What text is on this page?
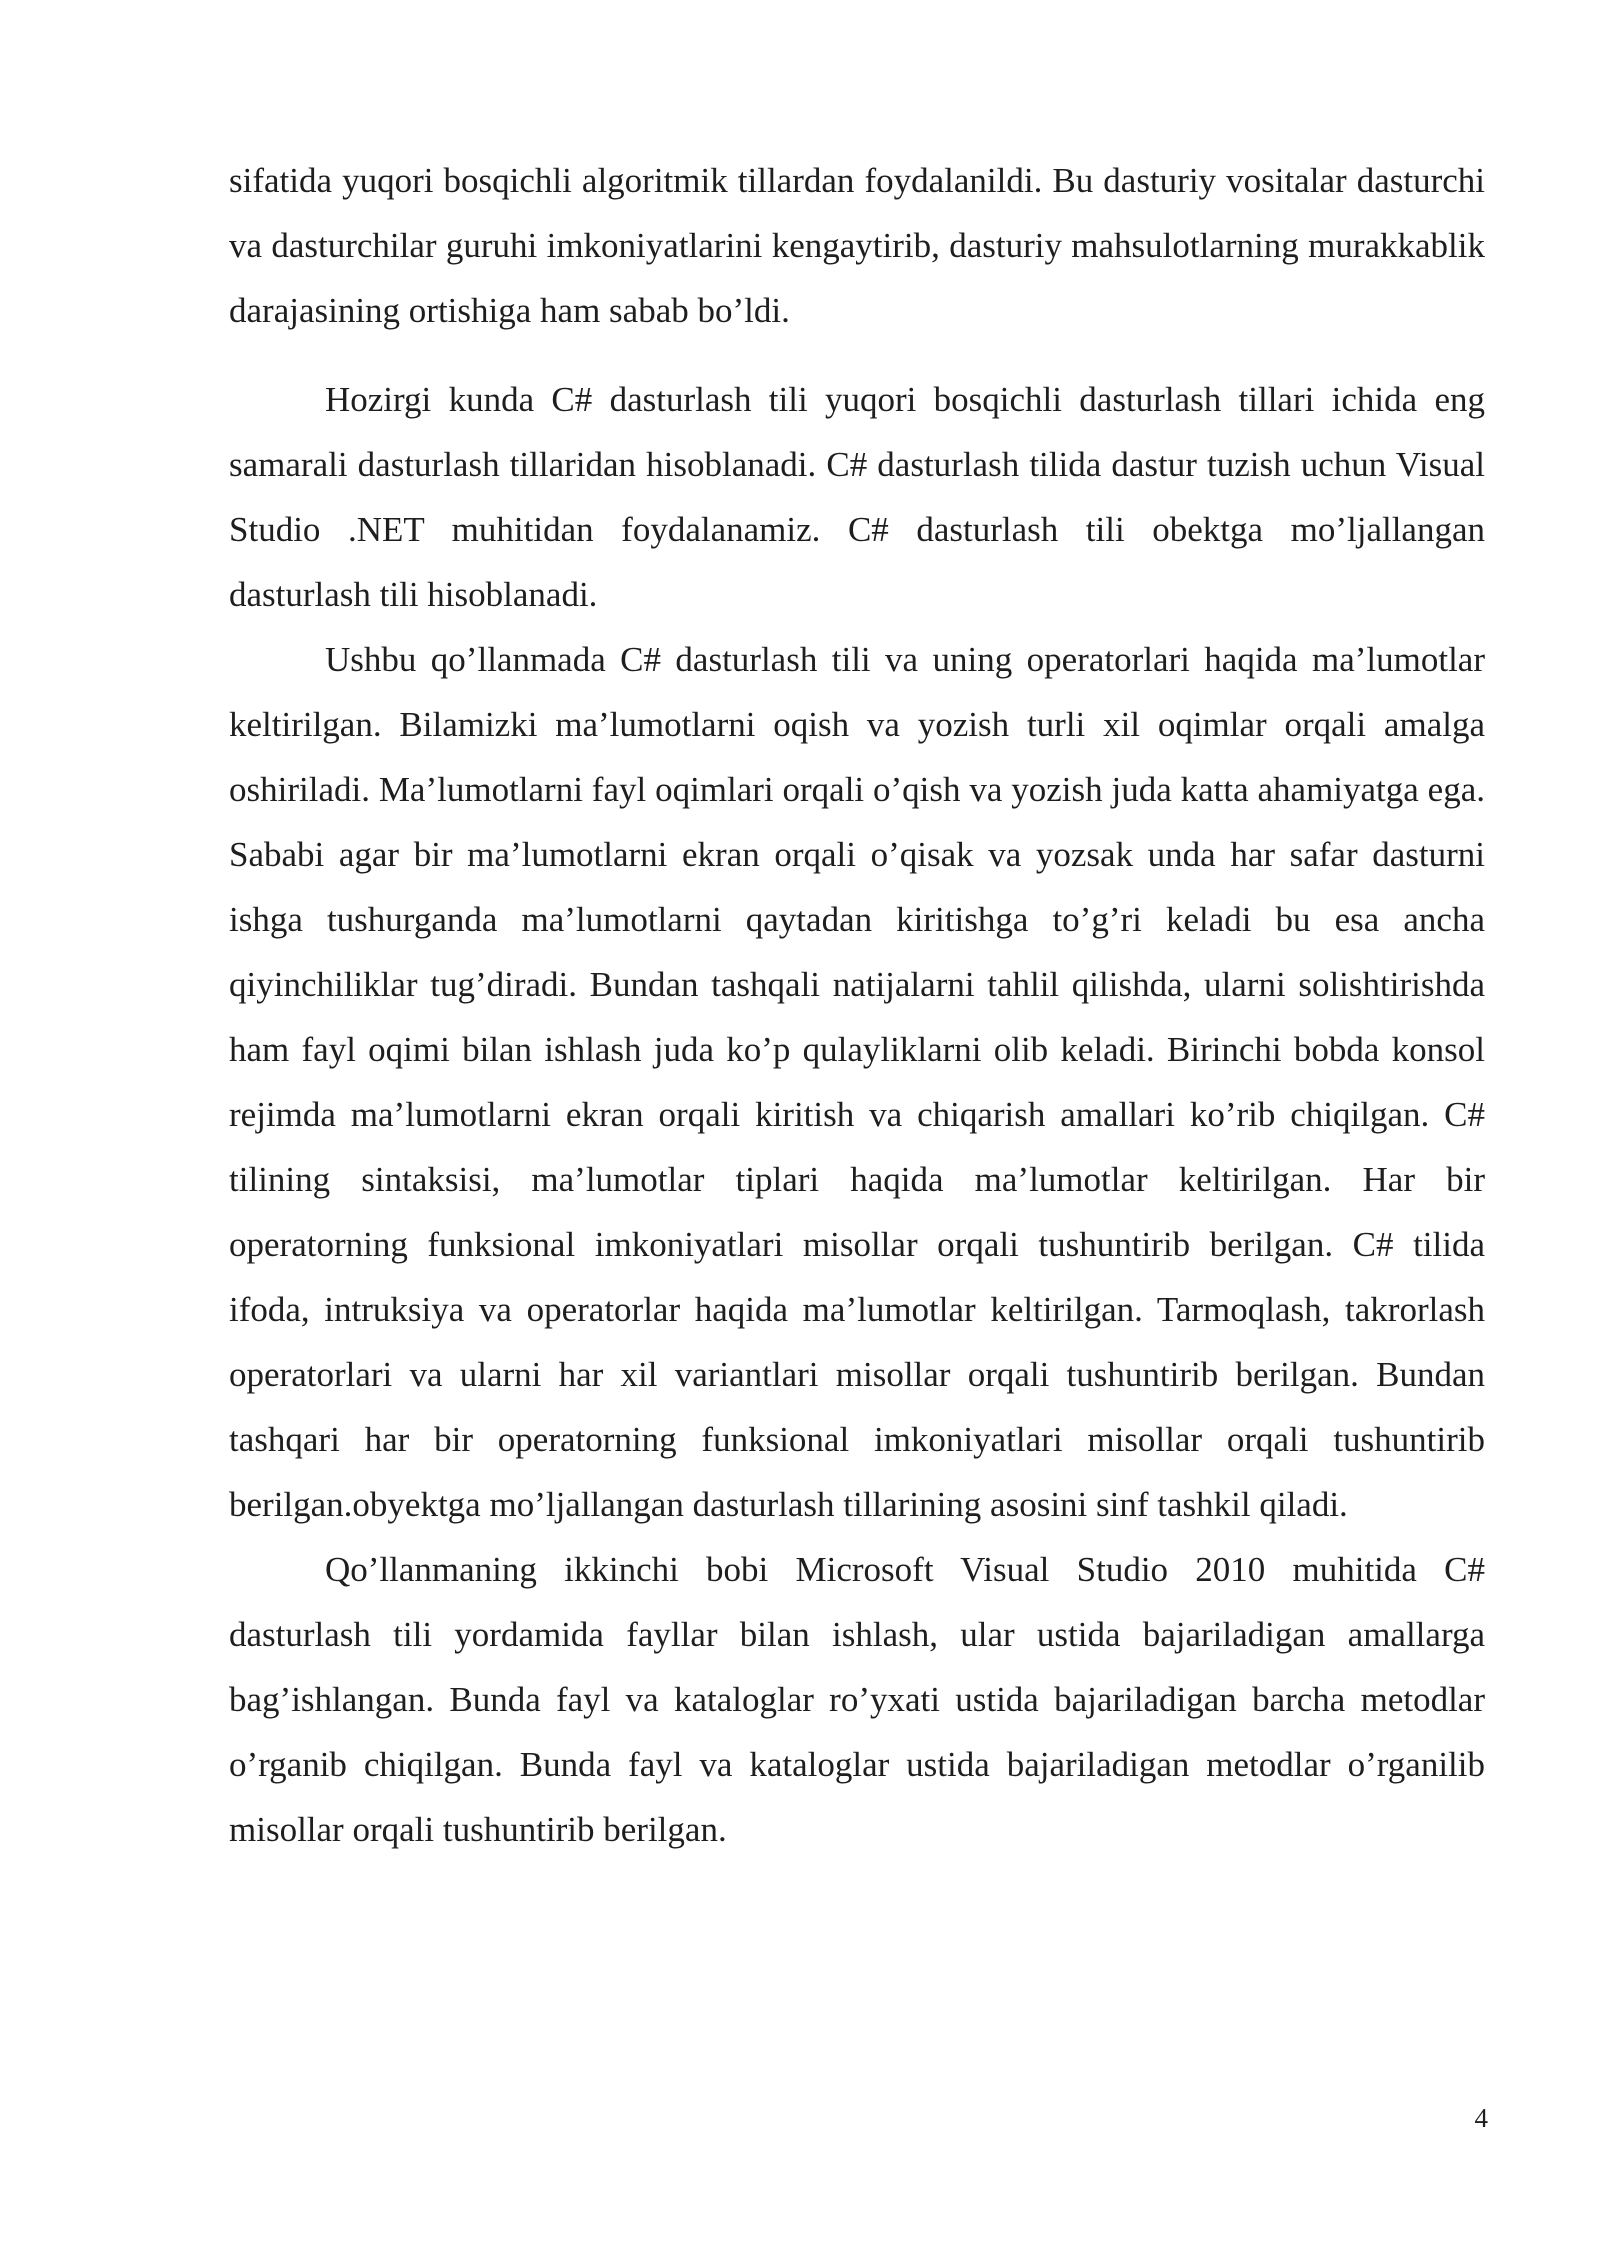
sifatida yuqori bosqichli algoritmik tillardan foydalanildi. Bu dasturiy vositalar dasturchi va dasturchilar guruhi imkoniyatlarini kengaytirib, dasturiy mahsulotlarning murakkablik darajasining ortishiga ham sabab bo’ldi.

Hozirgi kunda C# dasturlash tili yuqori bosqichli dasturlash tillari ichida eng samarali dasturlash tillaridan hisoblanadi. C# dasturlash tilida dastur tuzish uchun Visual Studio .NET muhitidan foydalanamiz. C# dasturlash tili obektga mo’ljallangan dasturlash tili hisoblanadi.

Ushbu qo’llanmada C# dasturlash tili va uning operatorlari haqida ma’lumotlar keltirilgan. Bilamizki ma’lumotlarni oqish va yozish turli xil oqimlar orqali amalga oshiriladi. Ma’lumotlarni fayl oqimlari orqali o’qish va yozish juda katta ahamiyatga ega. Sababi agar bir ma’lumotlarni ekran orqali o’qisak va yozsak unda har safar dasturni ishga tushurganda ma’lumotlarni qaytadan kiritishga to’g’ri keladi bu esa ancha qiyinchiliklar tug’diradi. Bundan tashqali natijalarni tahlil qilishda, ularni solishtirishda ham fayl oqimi bilan ishlash juda ko’p qulayliklarni olib keladi. Birinchi bobda konsol rejimda ma’lumotlarni ekran orqali kiritish va chiqarish amallari ko’rib chiqilgan. C# tilining sintaksisi, ma’lumotlar tiplari haqida ma’lumotlar keltirilgan. Har bir operatorning funksional imkoniyatlari misollar orqali tushuntirib berilgan. C# tilida ifoda, intruksiya va operatorlar haqida ma’lumotlar keltirilgan. Tarmoqlash, takrorlash operatorlari va ularni har xil variantlari misollar orqali tushuntirib berilgan. Bundan tashqari har bir operatorning funksional imkoniyatlari misollar orqali tushuntirib berilgan.obyektga mo’ljallangan dasturlash tillarining asosini sinf tashkil qiladi.

Qo’llanmaning ikkinchi bobi Microsoft Visual Studio 2010 muhitida C# dasturlash tili yordamida fayllar bilan ishlash, ular ustida bajariladigan amallarga bag’ishlangan. Bunda fayl va kataloglar ro’yxati ustida bajariladigan barcha metodlar o’rganib chiqilgan. Bunda fayl va kataloglar ustida bajariladigan metodlar o’rganilib misollar orqali tushuntirib berilgan.

4
